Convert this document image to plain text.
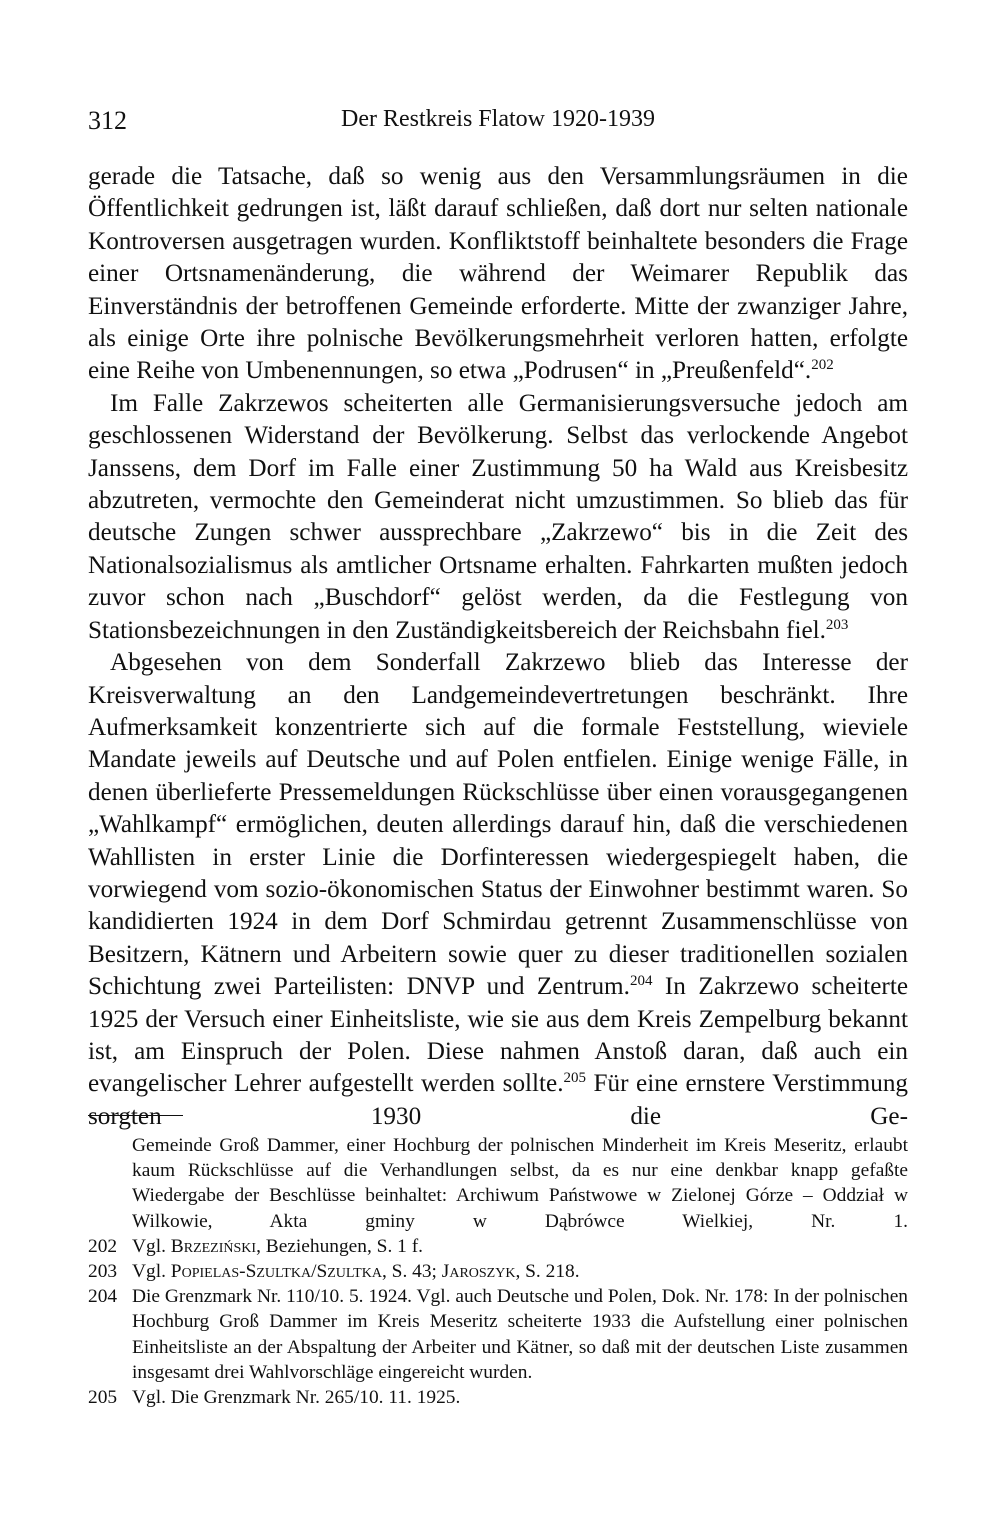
312	Der Restkreis Flatow 1920-1939

gerade die Tatsache, daß so wenig aus den Versammlungsräumen in die Öffentlichkeit gedrungen ist, läßt darauf schließen, daß dort nur selten nationale Kontroversen ausgetragen wurden. Konfliktstoff beinhaltete besonders die Frage einer Ortsnamenänderung, die während der Weimarer Republik das Einverständnis der betroffenen Gemeinde erforderte. Mitte der zwanziger Jahre, als einige Orte ihre polnische Bevölkerungsmehrheit verloren hatten, erfolgte eine Reihe von Umbenennungen, so etwa „Podrusen“ in „Preußenfeld“.$^{202}$

Im Falle Zakrzewos scheiterten alle Germanisierungsversuche jedoch am geschlossenen Widerstand der Bevölkerung. Selbst das verlockende Angebot Janssens, dem Dorf im Falle einer Zustimmung 50 ha Wald aus Kreisbesitz abzutreten, vermochte den Gemeinderat nicht umzustimmen. So blieb das für deutsche Zungen schwer aussprechbare „Zakrzewo“ bis in die Zeit des Nationalsozialismus als amtlicher Ortsname erhalten. Fahrkarten mußten jedoch zuvor schon nach „Buschdorf“ gelöst werden, da die Festlegung von Stationsbezeichnungen in den Zuständigkeitsbereich der Reichsbahn fiel.$^{203}$

Abgesehen von dem Sonderfall Zakrzewo blieb das Interesse der Kreisverwaltung an den Landgemeindevertretungen beschränkt. Ihre Aufmerksamkeit konzentrierte sich auf die formale Feststellung, wieviele Mandate jeweils auf Deutsche und auf Polen entfielen. Einige wenige Fälle, in denen überlieferte Pressemeldungen Rückschlüsse über einen vorausgegangenen „Wahlkampf“ ermöglichen, deuten allerdings darauf hin, daß die verschiedenen Wahllisten in erster Linie die Dorfinteressen wiedergespiegelt haben, die vorwiegend vom sozio-ökonomischen Status der Einwohner bestimmt waren. So kandidierten 1924 in dem Dorf Schmirdau getrennt Zusammenschlüsse von Besitzern, Kätnern und Arbeitern sowie quer zu dieser traditionellen sozialen Schichtung zwei Parteilisten: DNVP und Zentrum.$^{204}$ In Zakrzewo scheiterte 1925 der Versuch einer Einheitsliste, wie sie aus dem Kreis Zempelburg bekannt ist, am Einspruch der Polen. Diese nahmen Anstoß daran, daß auch ein evangelischer Lehrer aufgestellt werden sollte.$^{205}$ Für eine ernstere Verstimmung sorgten 1930 die Ge-

Gemeinde Groß Dammer, einer Hochburg der polnischen Minderheit im Kreis Meseritz, erlaubt kaum Rückschlüsse auf die Verhandlungen selbst, da es nur eine denkbar knapp gefaßte Wiedergabe der Beschlüsse beinhaltet: Archiwum Państwowe w Zielonej Górze – Oddział w Wilkowie, Akta gminy w Dąbrówce Wielkiej, Nr. 1.

202 Vgl. Brzeziński, Beziehungen, S. 1 f.
203 Vgl. Popielas-Szultka/Szultka, S. 43; Jaroszyk, S. 218.
204 Die Grenzmark Nr. 110/10. 5. 1924. Vgl. auch Deutsche und Polen, Dok. Nr. 178: In der polnischen Hochburg Groß Dammer im Kreis Meseritz scheiterte 1933 die Aufstellung einer polnischen Einheitsliste an der Abspaltung der Arbeiter und Kätner, so daß mit der deutschen Liste zusammen insgesamt drei Wahlvorschläge eingereicht wurden.
205 Vgl. Die Grenzmark Nr. 265/10. 11. 1925.
